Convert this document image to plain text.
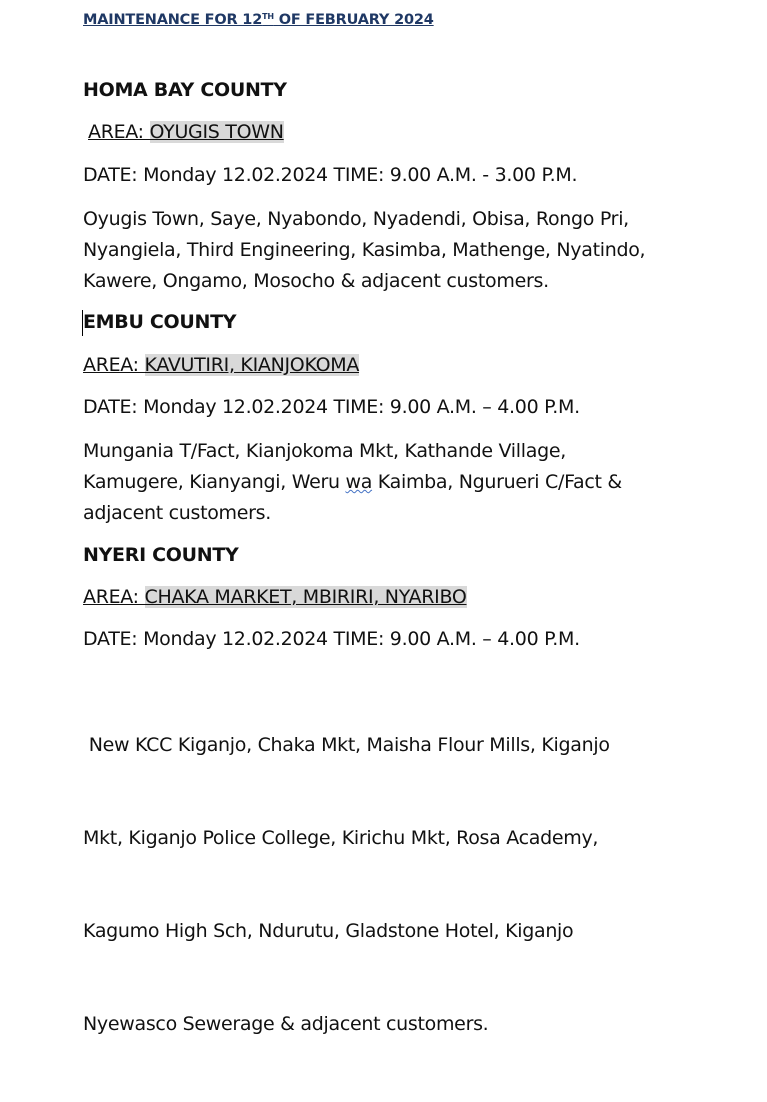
MAINTENANCE FOR 12TH OF FEBRUARY 2024
HOMA BAY COUNTY
AREA: OYUGIS TOWN
DATE: Monday 12.02.2024 TIME: 9.00 A.M. - 3.00 P.M.
Oyugis Town, Saye, Nyabondo, Nyadendi, Obisa, Rongo Pri,
Nyangiela, Third Engineering, Kasimba, Mathenge, Nyatindo,
Kawere, Ongamo, Mosocho & adjacent customers.
EMBU COUNTY
AREA: KAVUTIRI, KIANJOKOMA
DATE: Monday 12.02.2024 TIME: 9.00 A.M. – 4.00 P.M.
Mungania T/Fact, Kianjokoma Mkt, Kathande Village,
Kamugere, Kianyangi, Weru wa Kaimba, Ngurueri C/Fact &
adjacent customers.
NYERI COUNTY
AREA: CHAKA MARKET, MBIRIRI, NYARIBO
DATE: Monday 12.02.2024 TIME: 9.00 A.M. – 4.00 P.M.

New KCC Kiganjo, Chaka Mkt, Maisha Flour Mills, Kiganjo

Mkt, Kiganjo Police College, Kirichu Mkt, Rosa Academy,

Kagumo High Sch, Ndurutu, Gladstone Hotel, Kiganjo

Nyewasco Sewerage & adjacent customers.
